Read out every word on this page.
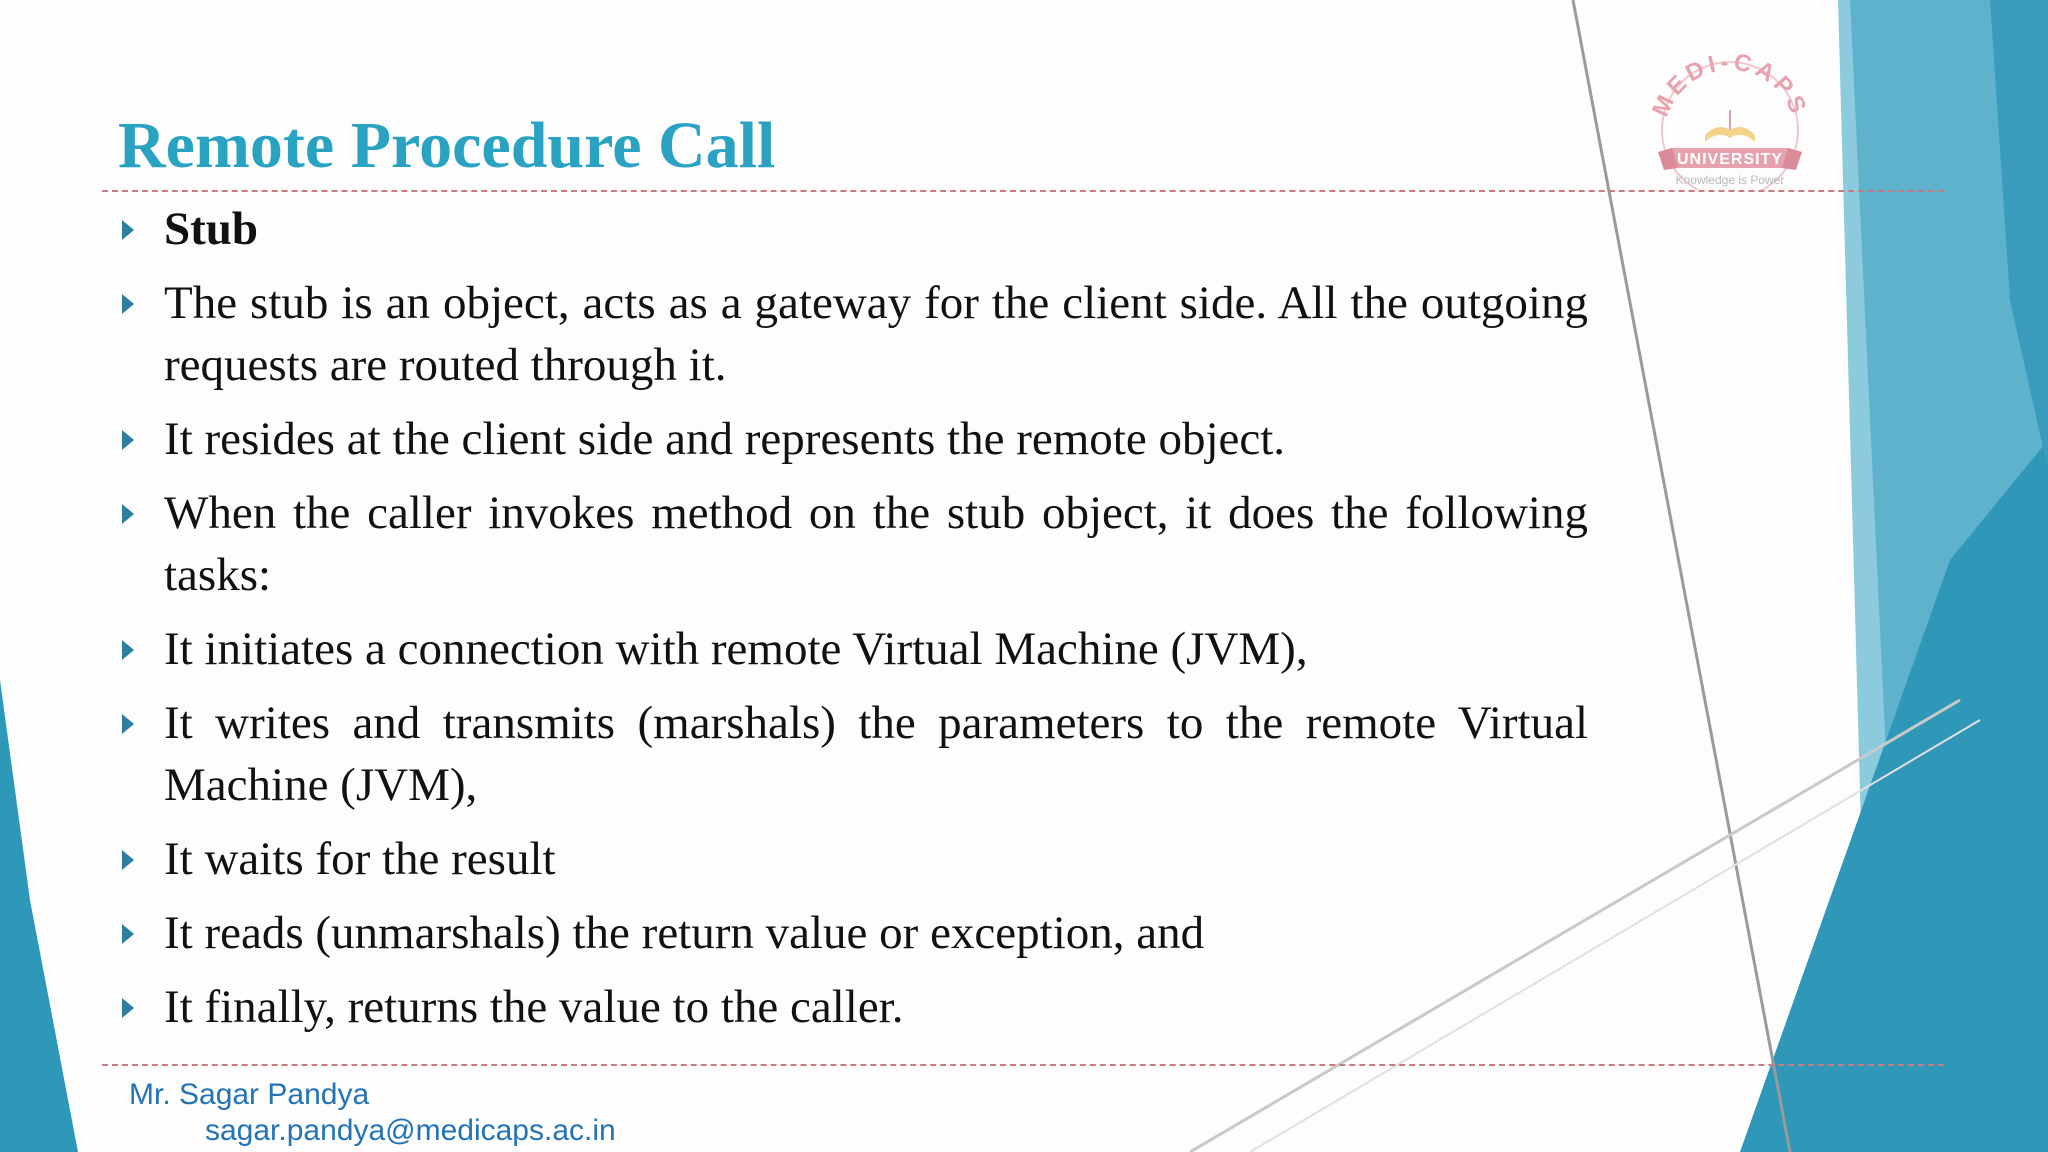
MEDI-CAPS
UNIVERSITY
Knowledge is Power
Remote Procedure Call
Stub
The stub is an object, acts as a gateway for the client side. All the outgoing requests are routed through it.
It resides at the client side and represents the remote object.
When the caller invokes method on the stub object, it does the following tasks:
It initiates a connection with remote Virtual Machine (JVM),
It writes and transmits (marshals) the parameters to the remote Virtual Machine (JVM),
It waits for the result
It reads (unmarshals) the return value or exception, and
It finally, returns the value to the caller.
Mr. Sagar Pandya
sagar.pandya@medicaps.ac.in
